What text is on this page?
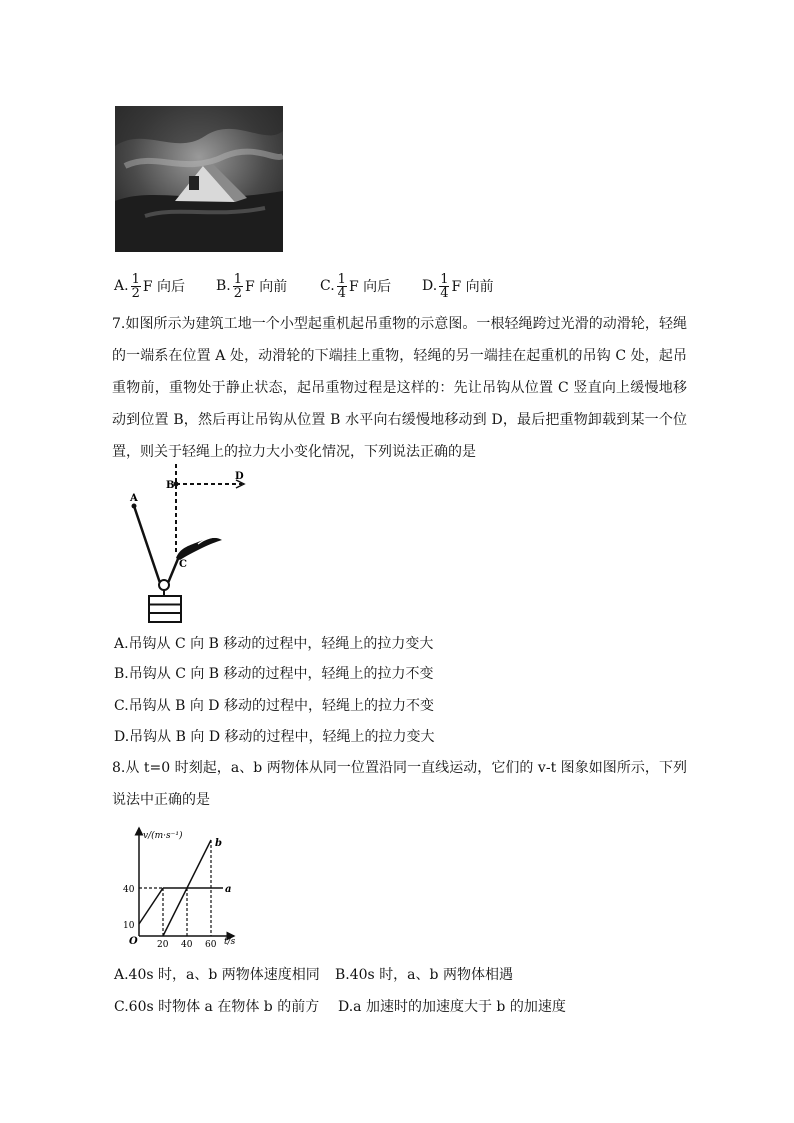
A. $\frac{1}{2}$ F 向后 B. $\frac{1}{2}$ F 向前 C. $\frac{1}{4}$ F 向后 D. $\frac{1}{4}$ F 向前
7.如图所示为建筑工地一个小型起重机起吊重物的示意图。一根轻绳跨过光滑的动滑轮，轻绳的一端系在位置 A 处，动滑轮的下端挂上重物，轻绳的另一端挂在起重机的吊钩 C 处，起吊重物前，重物处于静止状态，起吊重物过程是这样的：先让吊钩从位置 C 竖直向上缓慢地移动到位置 B，然后再让吊钩从位置 B 水平向右缓慢地移动到 D，最后把重物卸载到某一个位置，则关于轻绳上的拉力大小变化情况，下列说法正确的是
A
B
C
D
A.吊钩从 C 向 B 移动的过程中，轻绳上的拉力变大
B.吊钩从 C 向 B 移动的过程中，轻绳上的拉力不变
C.吊钩从 B 向 D 移动的过程中，轻绳上的拉力不变
D.吊钩从 B 向 D 移动的过程中，轻绳上的拉力变大
8.从 t=0 时刻起，a、b 两物体从同一位置沿同一直线运动，它们的 v-t 图象如图所示，下列说法中正确的是
a
b
10
40
20 40 60
v/(m·s⁻¹)
t/s
O
A.40s 时，a、b 两物体速度相同 B.40s 时，a、b 两物体相遇
C.60s 时物体 a 在物体 b 的前方 D.a 加速时的加速度大于 b 的加速度
